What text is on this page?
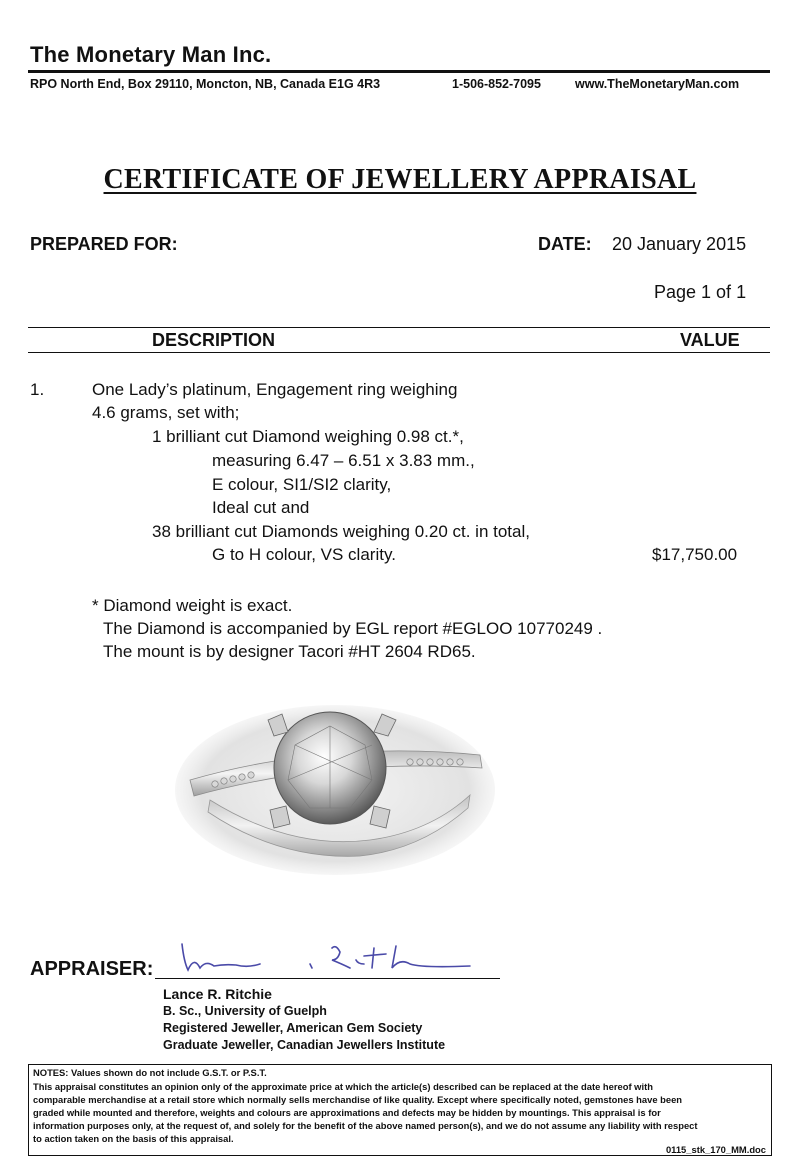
The Monetary Man Inc.
RPO North End, Box 29110, Moncton, NB, Canada E1G 4R3	1-506-852-7095	www.TheMonetaryMan.com
CERTIFICATE OF JEWELLERY APPRAISAL
PREPARED FOR:	DATE: 20 January 2015
Page 1 of 1
DESCRIPTION	VALUE
1.	One Lady’s platinum, Engagement ring weighing
4.6 grams, set with;
1 brilliant cut Diamond weighing 0.98 ct.*,
measuring 6.47 – 6.51 x 3.83 mm.,
E colour, SI1/SI2 clarity,
Ideal cut and
38 brilliant cut Diamonds weighing 0.20 ct. in total,
G to H colour, VS clarity.	$17,750.00
* Diamond weight is exact.
The Diamond is accompanied by EGL report #EGLOO 10770249 .
The mount is by designer Tacori #HT 2604 RD65.
APPRAISER:
Lance R. Ritchie
B. Sc., University of Guelph
Registered Jeweller, American Gem Society
Graduate Jeweller, Canadian Jewellers Institute
NOTES: Values shown do not include G.S.T. or P.S.T.
This appraisal constitutes an opinion only of the approximate price at which the article(s) described can be replaced at the date hereof with
comparable merchandise at a retail store which normally sells merchandise of like quality. Except where specifically noted, gemstones have been
graded while mounted and therefore, weights and colours are approximations and defects may be hidden by mountings. This appraisal is for
information purposes only, at the request of, and solely for the benefit of the above named person(s), and we do not assume any liability with respect
to action taken on the basis of this appraisal.
0115_stk_170_MM.doc
